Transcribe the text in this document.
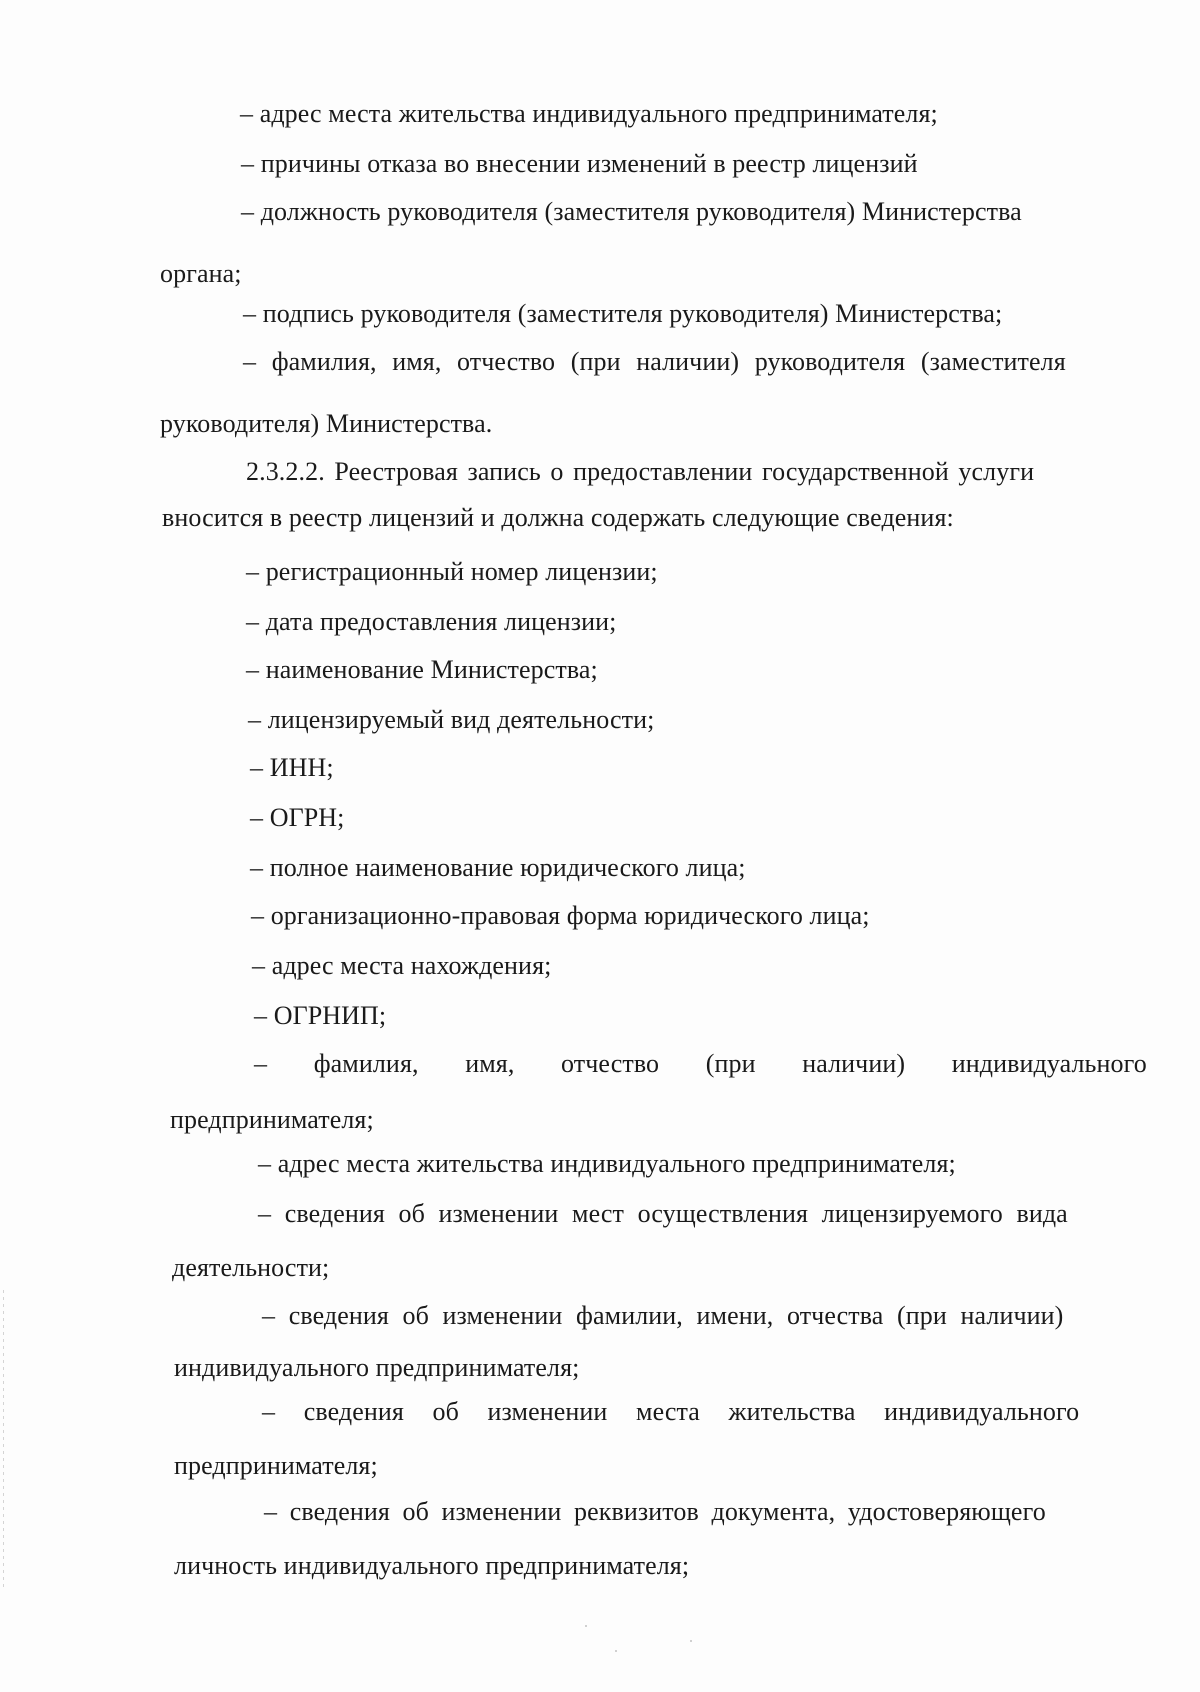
– адрес места жительства индивидуального предпринимателя;
– причины отказа во внесении изменений в реестр лицензий
– должность руководителя (заместителя руководителя) Министерства
органа;
– подпись руководителя (заместителя руководителя) Министерства;
– фамилия, имя, отчество (при наличии) руководителя (заместителя
руководителя) Министерства.
2.3.2.2. Реестровая запись о предоставлении государственной услуги
вносится в реестр лицензий и должна содержать следующие сведения:
– регистрационный номер лицензии;
– дата предоставления лицензии;
– наименование Министерства;
– лицензируемый вид деятельности;
– ИНН;
– ОГРН;
– полное наименование юридического лица;
– организационно-правовая форма юридического лица;
– адрес места нахождения;
– ОГРНИП;
– фамилия, имя, отчество (при наличии) индивидуального
предпринимателя;
– адрес места жительства индивидуального предпринимателя;
– сведения об изменении мест осуществления лицензируемого вида
деятельности;
– сведения об изменении фамилии, имени, отчества (при наличии)
индивидуального предпринимателя;
– сведения об изменении места жительства индивидуального
предпринимателя;
– сведения об изменении реквизитов документа, удостоверяющего
личность индивидуального предпринимателя;
